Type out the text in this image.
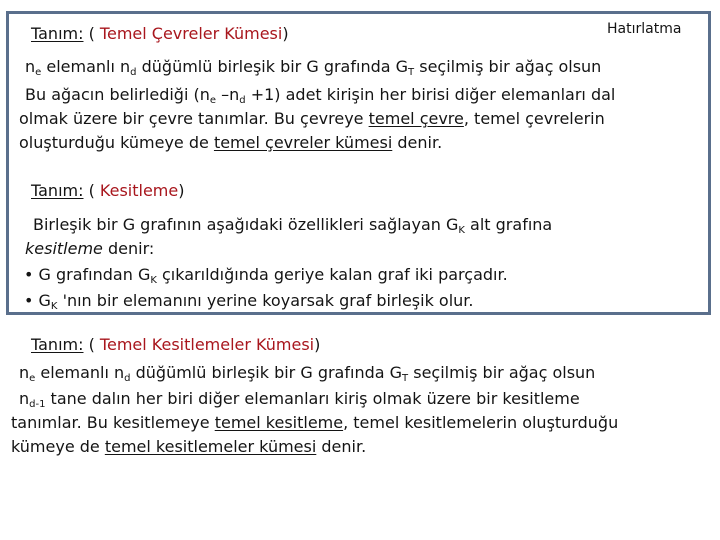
Hatırlatma
Tanım: ( Temel Çevreler Kümesi)
$n_e$ elemanlı $n_d$ düğümlü birleşik bir G grafında $G_T$ seçilmiş bir ağaç olsun
Bu ağacın belirlediği ($n_e$ $-n_d +1$) adet kirişin her birisi diğer elemanları dal
olmak üzere bir çevre tanımlar. Bu çevreye temel çevre, temel çevrelerin
oluşturduğu kümeye de temel çevreler kümesi denir.
Tanım: ( Kesitleme)
Birleşik bir G grafının aşağıdaki özellikleri sağlayan $G_K$ alt grafına
kesitleme denir:
• G grafından $G_K$ çıkarıldığında geriye kalan graf iki parçadır.
• $G_K$ 'nın bir elemanını yerine koyarsak graf birleşik olur.
Tanım: ( Temel Kesitlemeler Kümesi)
$n_e$ elemanlı $n_d$ düğümlü birleşik bir G grafında $G_T$ seçilmiş bir ağaç olsun
$n_{d-1}$ tane dalın her biri diğer elemanları kiriş olmak üzere bir kesitleme
tanımlar. Bu kesitlemeye temel kesitleme, temel kesitlemelerin oluşturduğu
kümeye de temel kesitlemeler kümesi denir.
